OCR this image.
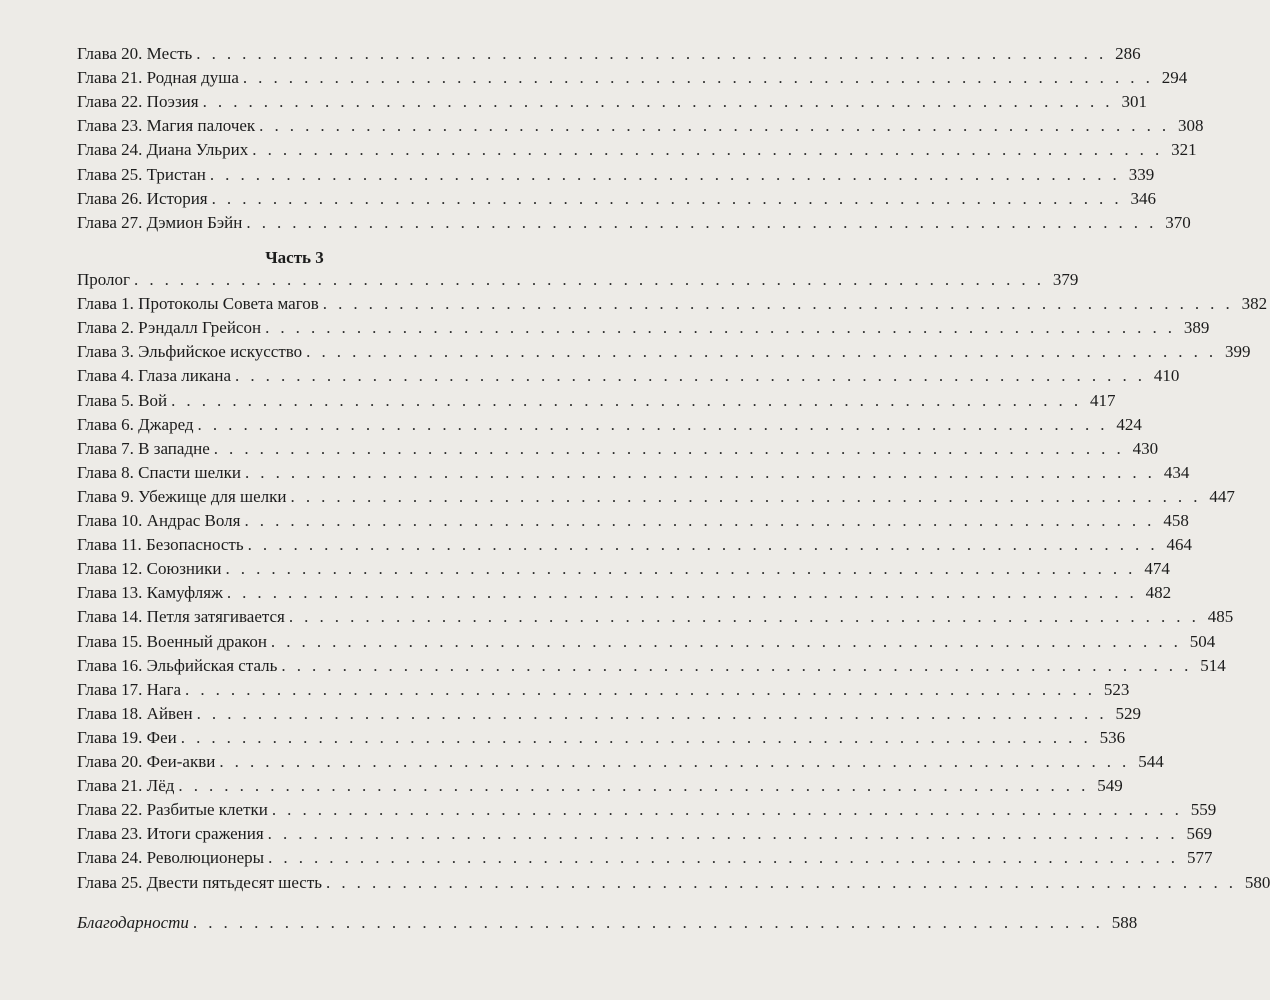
Часть 3
Глава 20. Месть . . . . . . . . . . . . . . . . . . . . . . . . . . . . . . . . . . . . . . . . . . . . . . . . . . . . . . . . . . . . 286
Глава 21. Родная душа . . . . . . . . . . . . . . . . . . . . . . . . . . . . . . . . . . . . . . . . . . . . . . . . . . . . . . . . . . . . 294
Глава 22. Поэзия . . . . . . . . . . . . . . . . . . . . . . . . . . . . . . . . . . . . . . . . . . . . . . . . . . . . . . . . . . . . 301
Глава 23. Магия палочек . . . . . . . . . . . . . . . . . . . . . . . . . . . . . . . . . . . . . . . . . . . . . . . . . . . . . . . . . . . . 308
Глава 24. Диана Ульрих . . . . . . . . . . . . . . . . . . . . . . . . . . . . . . . . . . . . . . . . . . . . . . . . . . . . . . . . . . . . 321
Глава 25. Тристан . . . . . . . . . . . . . . . . . . . . . . . . . . . . . . . . . . . . . . . . . . . . . . . . . . . . . . . . . . . . 339
Глава 26. История . . . . . . . . . . . . . . . . . . . . . . . . . . . . . . . . . . . . . . . . . . . . . . . . . . . . . . . . . . . . 346
Глава 27. Дэмион Бэйн . . . . . . . . . . . . . . . . . . . . . . . . . . . . . . . . . . . . . . . . . . . . . . . . . . . . . . . . . . . . 370
Пролог . . . . . . . . . . . . . . . . . . . . . . . . . . . . . . . . . . . . . . . . . . . . . . . . . . . . . . . . . . . . 379
Глава 1. Протоколы Совета магов . . . . . . . . . . . . . . . . . . . . . . . . . . . . . . . . . . . . . . . . . . . . . . . . . . . . . . . . . . . . 382
Глава 2. Рэндалл Грейсон . . . . . . . . . . . . . . . . . . . . . . . . . . . . . . . . . . . . . . . . . . . . . . . . . . . . . . . . . . . . 389
Глава 3. Эльфийское искусство . . . . . . . . . . . . . . . . . . . . . . . . . . . . . . . . . . . . . . . . . . . . . . . . . . . . . . . . . . . . 399
Глава 4. Глаза ликана . . . . . . . . . . . . . . . . . . . . . . . . . . . . . . . . . . . . . . . . . . . . . . . . . . . . . . . . . . . . 410
Глава 5. Вой . . . . . . . . . . . . . . . . . . . . . . . . . . . . . . . . . . . . . . . . . . . . . . . . . . . . . . . . . . . . 417
Глава 6. Джаред . . . . . . . . . . . . . . . . . . . . . . . . . . . . . . . . . . . . . . . . . . . . . . . . . . . . . . . . . . . . 424
Глава 7. В западне . . . . . . . . . . . . . . . . . . . . . . . . . . . . . . . . . . . . . . . . . . . . . . . . . . . . . . . . . . . . 430
Глава 8. Спасти шелки . . . . . . . . . . . . . . . . . . . . . . . . . . . . . . . . . . . . . . . . . . . . . . . . . . . . . . . . . . . . 434
Глава 9. Убежище для шелки . . . . . . . . . . . . . . . . . . . . . . . . . . . . . . . . . . . . . . . . . . . . . . . . . . . . . . . . . . . . 447
Глава 10. Андрас Воля . . . . . . . . . . . . . . . . . . . . . . . . . . . . . . . . . . . . . . . . . . . . . . . . . . . . . . . . . . . . 458
Глава 11. Безопасность . . . . . . . . . . . . . . . . . . . . . . . . . . . . . . . . . . . . . . . . . . . . . . . . . . . . . . . . . . . . 464
Глава 12. Союзники . . . . . . . . . . . . . . . . . . . . . . . . . . . . . . . . . . . . . . . . . . . . . . . . . . . . . . . . . . . . 474
Глава 13. Камуфляж . . . . . . . . . . . . . . . . . . . . . . . . . . . . . . . . . . . . . . . . . . . . . . . . . . . . . . . . . . . . 482
Глава 14. Петля затягивается . . . . . . . . . . . . . . . . . . . . . . . . . . . . . . . . . . . . . . . . . . . . . . . . . . . . . . . . . . . . 485
Глава 15. Военный дракон . . . . . . . . . . . . . . . . . . . . . . . . . . . . . . . . . . . . . . . . . . . . . . . . . . . . . . . . . . . . 504
Глава 16. Эльфийская сталь . . . . . . . . . . . . . . . . . . . . . . . . . . . . . . . . . . . . . . . . . . . . . . . . . . . . . . . . . . . . 514
Глава 17. Нага . . . . . . . . . . . . . . . . . . . . . . . . . . . . . . . . . . . . . . . . . . . . . . . . . . . . . . . . . . . . 523
Глава 18. Айвен . . . . . . . . . . . . . . . . . . . . . . . . . . . . . . . . . . . . . . . . . . . . . . . . . . . . . . . . . . . . 529
Глава 19. Феи . . . . . . . . . . . . . . . . . . . . . . . . . . . . . . . . . . . . . . . . . . . . . . . . . . . . . . . . . . . . 536
Глава 20. Феи-акви . . . . . . . . . . . . . . . . . . . . . . . . . . . . . . . . . . . . . . . . . . . . . . . . . . . . . . . . . . . . 544
Глава 21. Лёд . . . . . . . . . . . . . . . . . . . . . . . . . . . . . . . . . . . . . . . . . . . . . . . . . . . . . . . . . . . . 549
Глава 22. Разбитые клетки . . . . . . . . . . . . . . . . . . . . . . . . . . . . . . . . . . . . . . . . . . . . . . . . . . . . . . . . . . . . 559
Глава 23. Итоги сражения . . . . . . . . . . . . . . . . . . . . . . . . . . . . . . . . . . . . . . . . . . . . . . . . . . . . . . . . . . . . 569
Глава 24. Революционеры . . . . . . . . . . . . . . . . . . . . . . . . . . . . . . . . . . . . . . . . . . . . . . . . . . . . . . . . . . . . 577
Глава 25. Двести пятьдесят шесть . . . . . . . . . . . . . . . . . . . . . . . . . . . . . . . . . . . . . . . . . . . . . . . . . . . . . . . . . . . . 580
Благодарности . . . . . . . . . . . . . . . . . . . . . . . . . . . . . . . . . . . . . . . . . . . . . . . . . . . . . . . . . . . . 588
